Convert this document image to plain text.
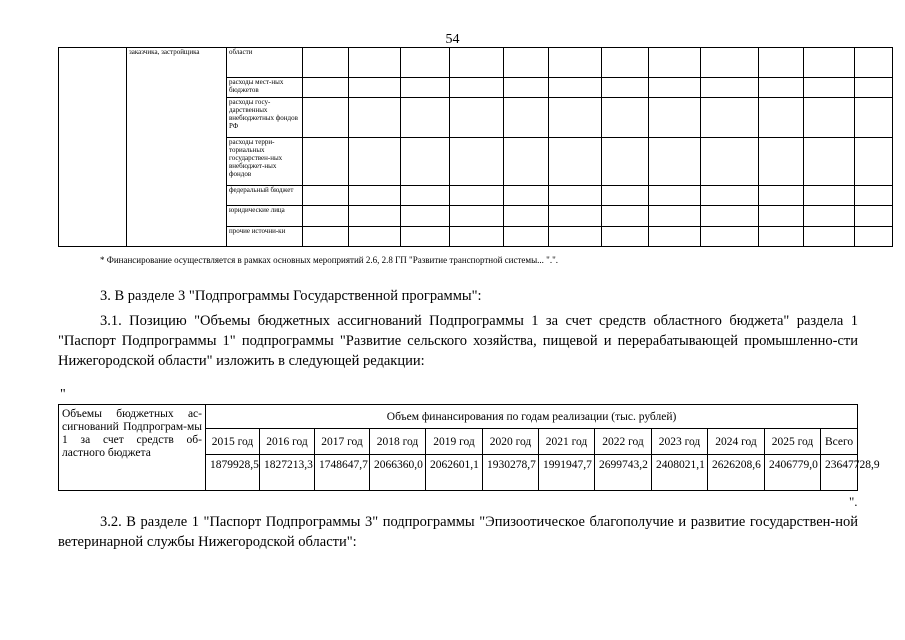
54
	заказчика, застройщика	области												
		расходы мест-ных бюджетов												
		расходы госу-дарственных внебюджетных фондов РФ												
		расходы терри-ториальных государствен-ных внебюджет-ных фондов												
		федеральный бюджет												
		юридические лица												
		прочие источни-ки												
* Финансирование осуществляется в рамках основных мероприятий 2.6, 2.8 ГП "Развитие транспортной системы... ".".
3. В разделе 3 "Подпрограммы Государственной программы":
3.1. Позицию "Объемы бюджетных ассигнований Подпрограммы 1 за счет средств областного бюджета" раздела 1 "Паспорт Подпрограммы 1" подпрограммы "Развитие сельского хозяйства, пищевой и перерабатывающей промышленно-сти Нижегородской области" изложить в следующей редакции:
"
Объемы бюджетных ас-сигнований Подпрограм-мы 1 за счет средств об-ластного бюджета	Объем финансирования по годам реализации (тыс. рублей)											
	2015 год	2016 год	2017 год	2018 год	2019 год	2020 год	2021 год	2022 год	2023 год	2024 год	2025 год	Всего
	1879928,5	1827213,3	1748647,7	2066360,0	2062601,1	1930278,7	1991947,7	2699743,2	2408021,1	2626208,6	2406779,0	23647728,9
".
3.2. В разделе 1 "Паспорт Подпрограммы 3" подпрограммы "Эпизоотическое благополучие и развитие государствен-ной ветеринарной службы Нижегородской области":
